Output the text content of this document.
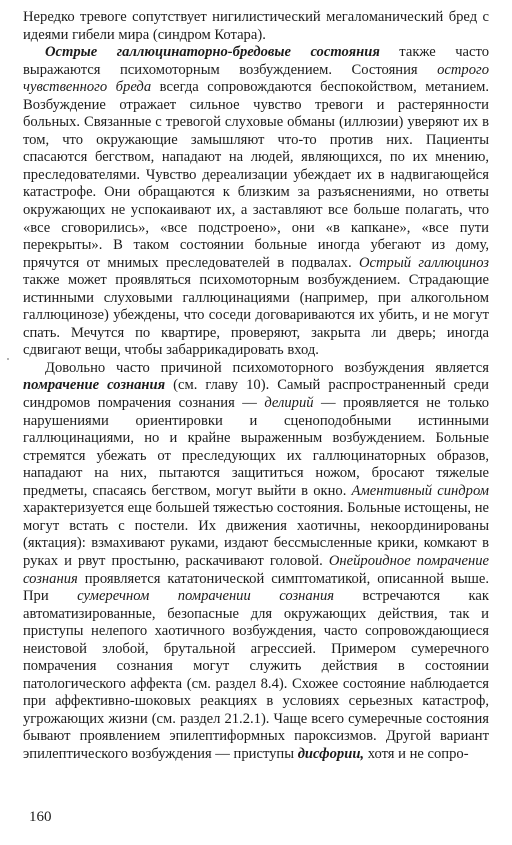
Нередко тревоге сопутствует нигилистический мегаломанический бред с идеями гибели мира (синдром Котара).

Острые галлюцинаторно-бредовые состояния также часто выражаются психомоторным возбуждением. Состояния острого чувственного бреда всегда сопровождаются беспокойством, метанием. Возбуждение отражает сильное чувство тревоги и растерянности больных. Связанные с тревогой слуховые обманы (иллюзии) уверяют их в том, что окружающие замышляют что-то против них. Пациенты спасаются бегством, нападают на людей, являющихся, по их мнению, преследователями. Чувство дереализации убеждает их в надвигающейся катастрофе. Они обращаются к близким за разъяснениями, но ответы окружающих не успокаивают их, а заставляют все больше полагать, что «все сговорились», «все подстроено», они «в капкане», «все пути перекрыты». В таком состоянии больные иногда убегают из дому, прячутся от мнимых преследователей в подвалах. Острый галлюциноз также может проявляться психомоторным возбуждением. Страдающие истинными слуховыми галлюцинациями (например, при алкогольном галлюцинозе) убеждены, что соседи договариваются их убить, и не могут спать. Мечутся по квартире, проверяют, закрыта ли дверь; иногда сдвигают вещи, чтобы забаррикадировать вход.

Довольно часто причиной психомоторного возбуждения является помрачение сознания (см. главу 10). Самый распространенный среди синдромов помрачения сознания — делирий — проявляется не только нарушениями ориентировки и сценоподобными истинными галлюцинациями, но и крайне выраженным возбуждением. Больные стремятся убежать от преследующих их галлюцинаторных образов, нападают на них, пытаются защититься ножом, бросают тяжелые предметы, спасаясь бегством, могут выйти в окно. Аментивный синдром характеризуется еще большей тяжестью состояния. Больные истощены, не могут встать с постели. Их движения хаотичны, некоординированы (яктация): взмахивают руками, издают бессмысленные крики, комкают в руках и рвут простыню, раскачивают головой. Онейроидное помрачение сознания проявляется кататонической симптоматикой, описанной выше. При сумеречном помрачении сознания встречаются как автоматизированные, безопасные для окружающих действия, так и приступы нелепого хаотичного возбуждения, часто сопровождающиеся неистовой злобой, брутальной агрессией. Примером сумеречного помрачения сознания могут служить действия в состоянии патологического аффекта (см. раздел 8.4). Схожее состояние наблюдается при аффективно-шоковых реакциях в условиях серьезных катастроф, угрожающих жизни (см. раздел 21.2.1). Чаще всего сумеречные состояния бывают проявлением эпилептиформных пароксизмов. Другой вариант эпилептического возбуждения — приступы дисфории, хотя и не сопро-

160
